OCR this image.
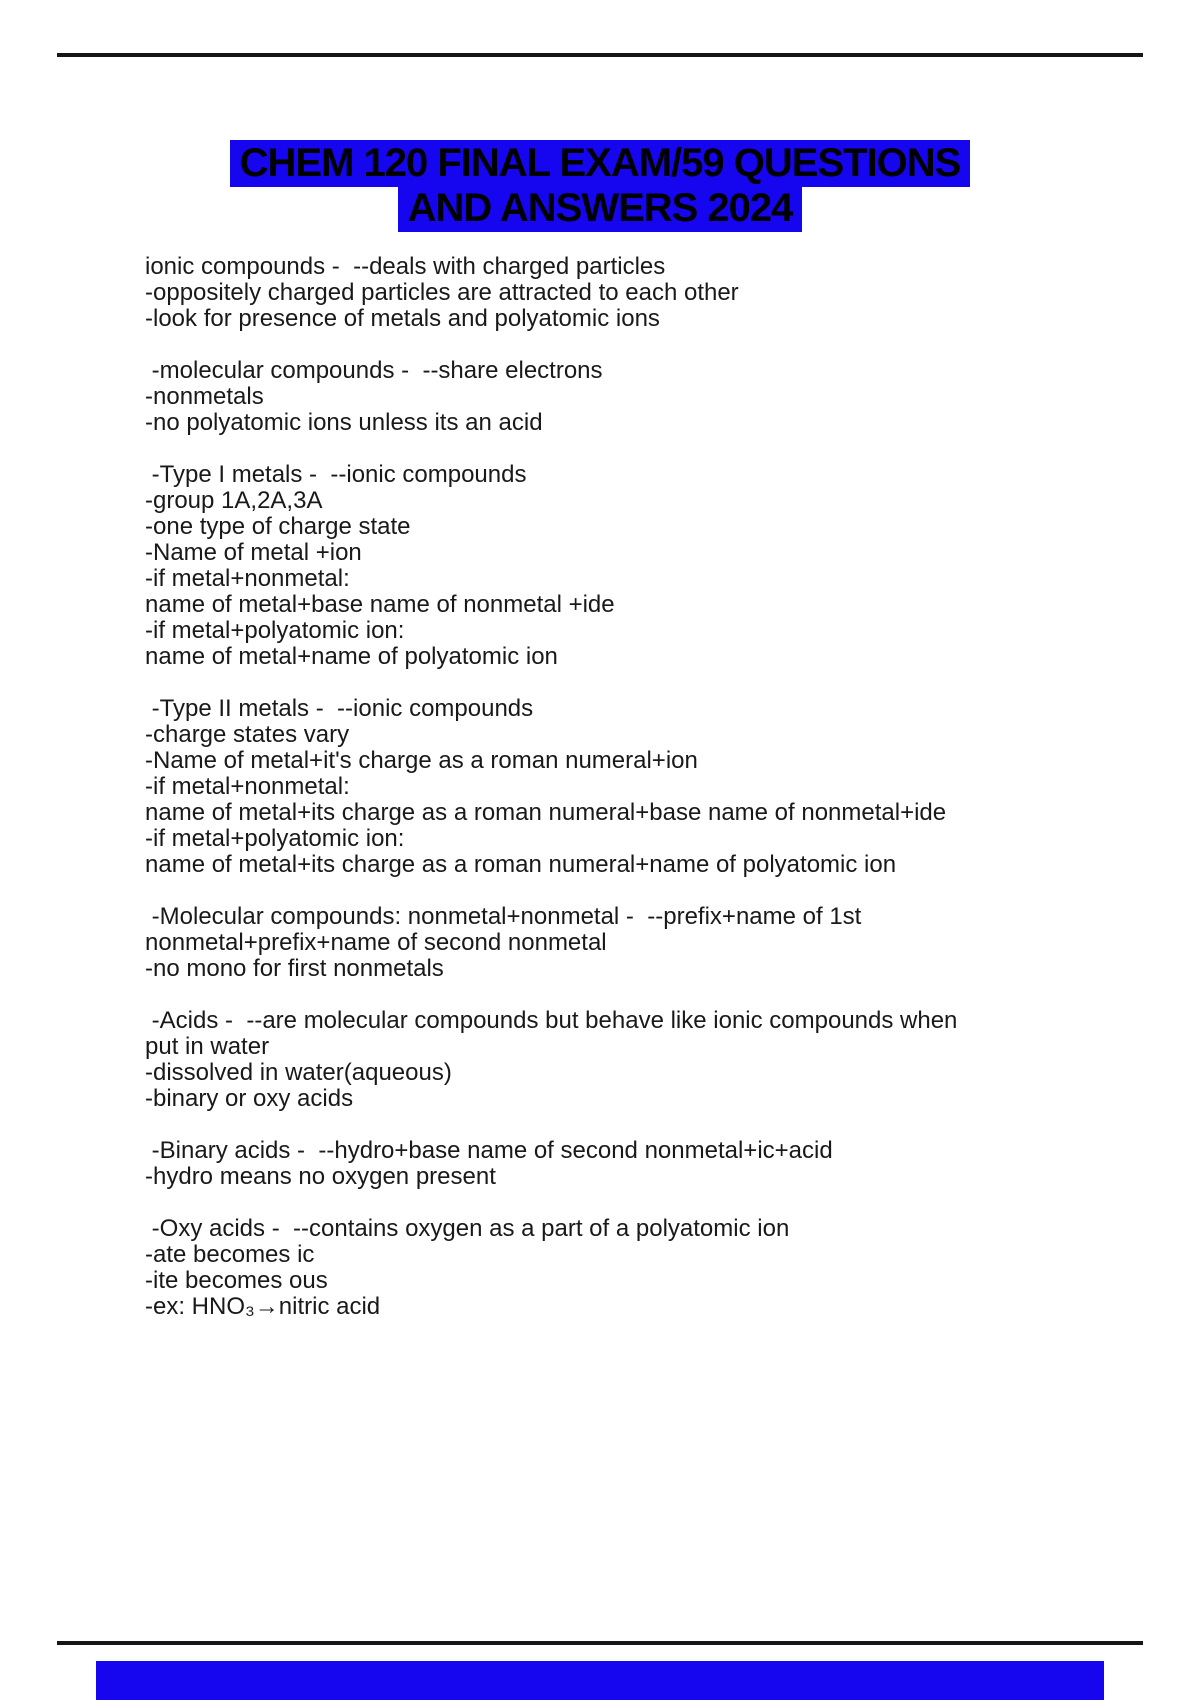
CHEM 120 FINAL EXAM/59 QUESTIONS
AND ANSWERS 2024
ionic compounds -  --deals with charged particles
-oppositely charged particles are attracted to each other
-look for presence of metals and polyatomic ions
-molecular compounds -  --share electrons
-nonmetals
-no polyatomic ions unless its an acid
-Type I metals -  --ionic compounds
-group 1A,2A,3A
-one type of charge state
-Name of metal +ion
-if metal+nonmetal:
name of metal+base name of nonmetal +ide
-if metal+polyatomic ion:
name of metal+name of polyatomic ion
-Type II metals -  --ionic compounds
-charge states vary
-Name of metal+it's charge as a roman numeral+ion
-if metal+nonmetal:
name of metal+its charge as a roman numeral+base name of nonmetal+ide
-if metal+polyatomic ion:
name of metal+its charge as a roman numeral+name of polyatomic ion
-Molecular compounds: nonmetal+nonmetal -  --prefix+name of 1st
nonmetal+prefix+name of second nonmetal
-no mono for first nonmetals
-Acids -  --are molecular compounds but behave like ionic compounds when
put in water
-dissolved in water(aqueous)
-binary or oxy acids
-Binary acids -  --hydro+base name of second nonmetal+ic+acid
-hydro means no oxygen present
-Oxy acids -  --contains oxygen as a part of a polyatomic ion
-ate becomes ic
-ite becomes ous
-ex: HNO₃→nitric acid
